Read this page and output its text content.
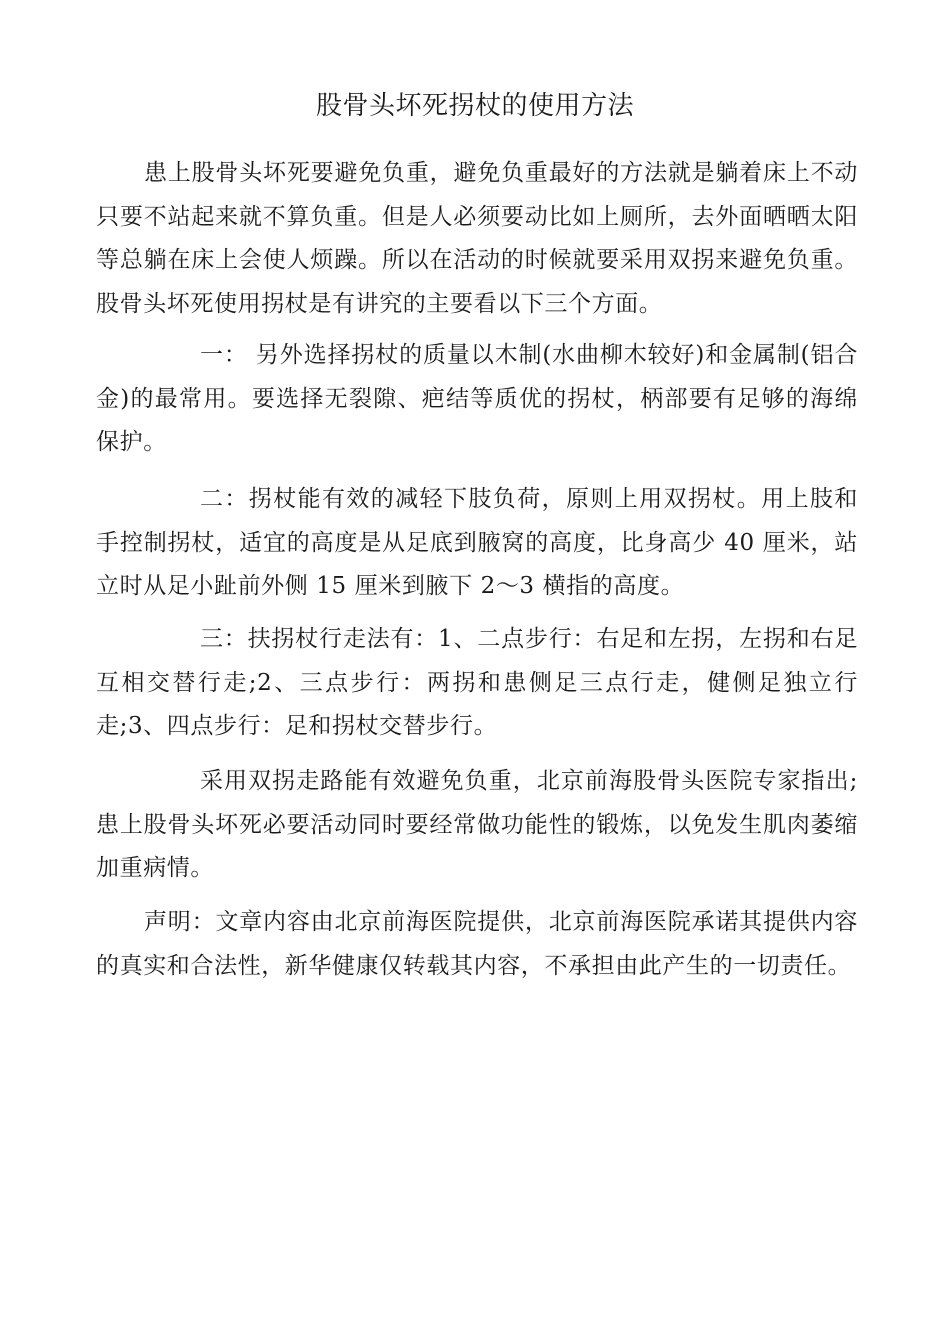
股骨头坏死拐杖的使用方法

患上股骨头坏死要避免负重，避免负重最好的方法就是躺着床上不动只要不站起来就不算负重。但是人必须要动比如上厕所，去外面晒晒太阳等总躺在床上会使人烦躁。所以在活动的时候就要采用双拐来避免负重。股骨头坏死使用拐杖是有讲究的主要看以下三个方面。

一： 另外选择拐杖的质量以木制(水曲柳木较好)和金属制(铝合金)的最常用。要选择无裂隙、疤结等质优的拐杖，柄部要有足够的海绵保护。

二：拐杖能有效的减轻下肢负荷，原则上用双拐杖。用上肢和手控制拐杖，适宜的高度是从足底到腋窝的高度，比身高少 40 厘米，站立时从足小趾前外侧 15 厘米到腋下 2～3 横指的高度。

三：扶拐杖行走法有：1、二点步行：右足和左拐，左拐和右足互相交替行走;2、三点步行：两拐和患侧足三点行走，健侧足独立行走;3、四点步行：足和拐杖交替步行。

采用双拐走路能有效避免负重，北京前海股骨头医院专家指出;患上股骨头坏死必要活动同时要经常做功能性的锻炼，以免发生肌肉萎缩加重病情。

声明：文章内容由北京前海医院提供，北京前海医院承诺其提供内容的真实和合法性，新华健康仅转载其内容，不承担由此产生的一切责任。
